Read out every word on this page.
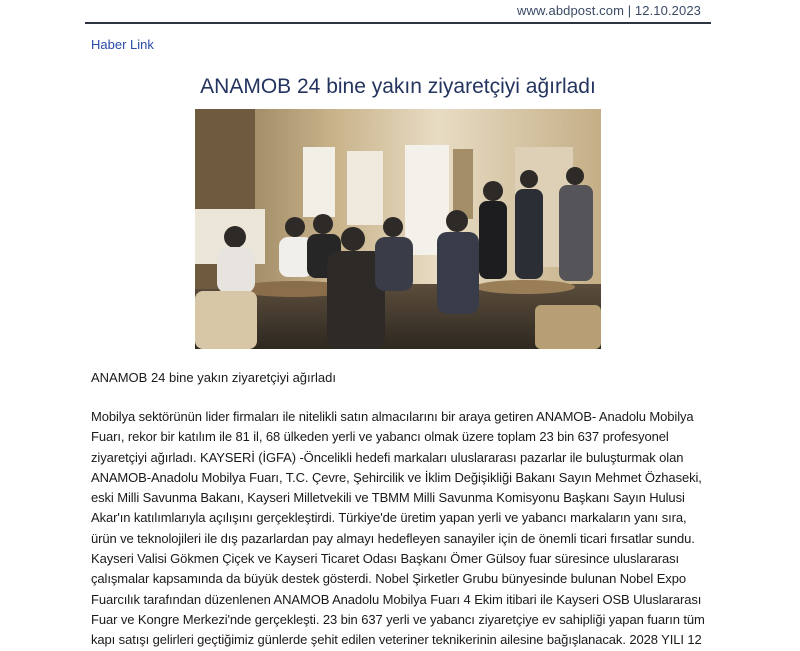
www.abdpost.com | 12.10.2023
Haber Link
ANAMOB 24 bine yakın ziyaretçiyi ağırladı

ANAMOB 24 bine yakın ziyaretçiyi ağırladı

Mobilya sektörünün lider firmaları ile nitelikli satın almacılarını bir araya getiren ANAMOB- Anadolu Mobilya Fuarı, rekor bir katılım ile 81 il, 68 ülkeden yerli ve yabancı olmak üzere toplam 23 bin 637 profesyonel ziyaretçiyi ağırladı. KAYSERİ (İGFA) -Öncelikli hedefi markaları uluslararası pazarlar ile buluşturmak olan ANAMOB-Anadolu Mobilya Fuarı, T.C. Çevre, Şehircilik ve İklim Değişikliği Bakanı Sayın Mehmet Özhaseki, eski Milli Savunma Bakanı, Kayseri Milletvekili ve TBMM Milli Savunma Komisyonu Başkanı Sayın Hulusi Akar'ın katılımlarıyla açılışını gerçekleştirdi. Türkiye'de üretim yapan yerli ve yabancı markaların yanı sıra, ürün ve teknolojileri ile dış pazarlardan pay almayı hedefleyen sanayiler için de önemli ticari fırsatlar sundu. Kayseri Valisi Gökmen Çiçek ve Kayseri Ticaret Odası Başkanı Ömer Gülsoy fuar süresince uluslararası çalışmalar kapsamında da büyük destek gösterdi. Nobel Şirketler Grubu bünyesinde bulunan Nobel Expo Fuarcılık tarafından düzenlenen ANAMOB Anadolu Mobilya Fuarı 4 Ekim itibari ile Kayseri OSB Uluslararası Fuar ve Kongre Merkezi'nde gerçekleşti. 23 bin 637 yerli ve yabancı ziyaretçiye ev sahipliği yapan fuarın tüm kapı satışı gelirleri geçtiğimiz günlerde şehit edilen veteriner teknikerinin ailesine bağışlanacak. 2028 YILI 12
